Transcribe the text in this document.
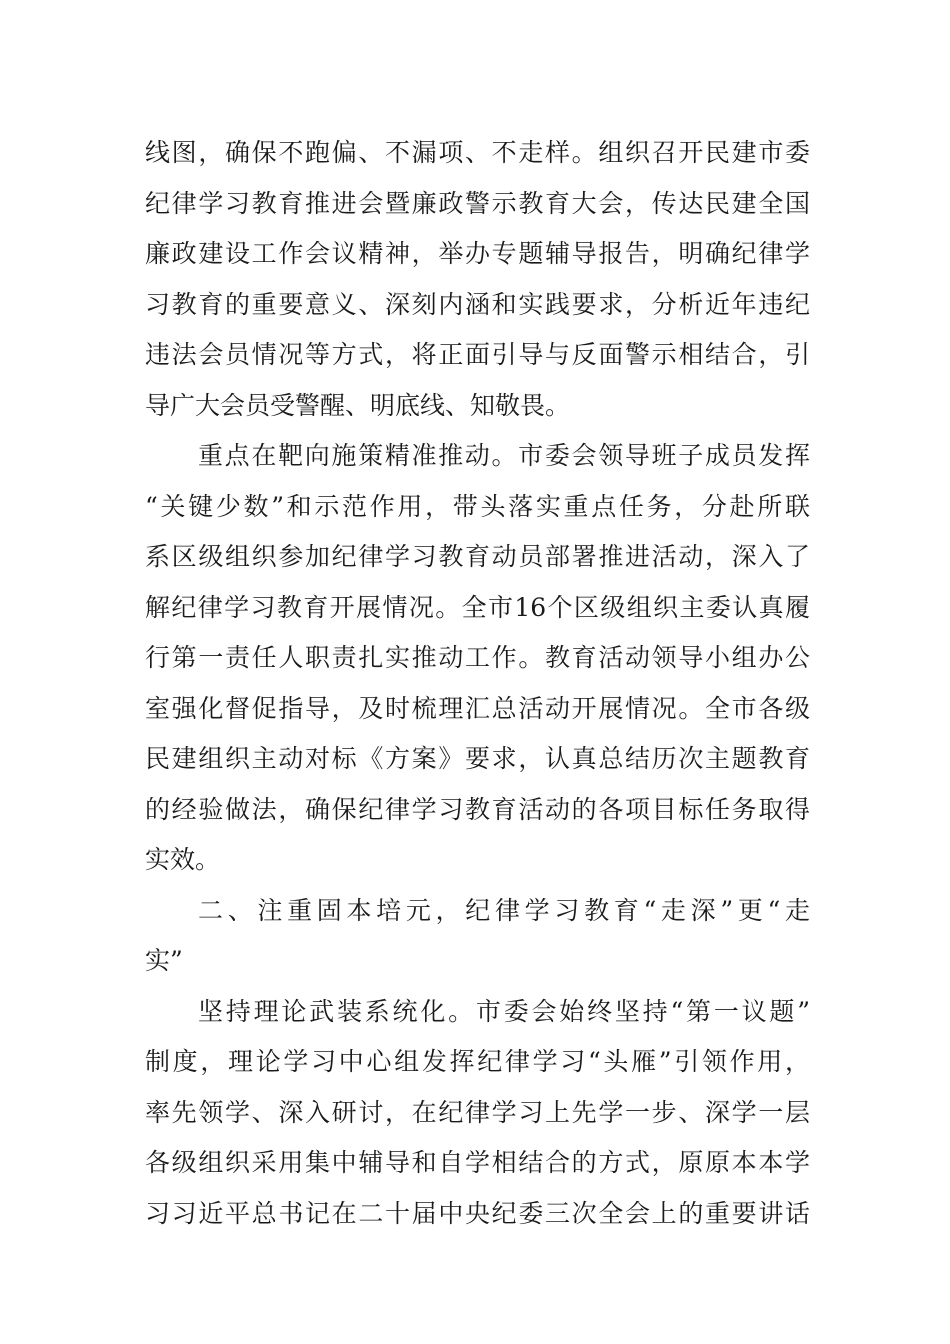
线图，确保不跑偏、不漏项、不走样。组织召开民建市委
纪律学习教育推进会暨廉政警示教育大会，传达民建全国
廉政建设工作会议精神，举办专题辅导报告，明确纪律学
习教育的重要意义、深刻内涵和实践要求，分析近年违纪
违法会员情况等方式，将正面引导与反面警示相结合，引
导广大会员受警醒、明底线、知敬畏。
重点在靶向施策精准推动。市委会领导班子成员发挥
“关键少数”和示范作用，带头落实重点任务，分赴所联
系区级组织参加纪律学习教育动员部署推进活动，深入了
解纪律学习教育开展情况。全市16个区级组织主委认真履
行第一责任人职责扎实推动工作。教育活动领导小组办公
室强化督促指导，及时梳理汇总活动开展情况。全市各级
民建组织主动对标《方案》要求，认真总结历次主题教育
的经验做法，确保纪律学习教育活动的各项目标任务取得
实效。
二、注重固本培元，纪律学习教育“走深”更“走
实”
坚持理论武装系统化。市委会始终坚持“第一议题”
制度，理论学习中心组发挥纪律学习“头雁”引领作用，
率先领学、深入研讨，在纪律学习上先学一步、深学一层
各级组织采用集中辅导和自学相结合的方式，原原本本学
习习近平总书记在二十届中央纪委三次全会上的重要讲话
